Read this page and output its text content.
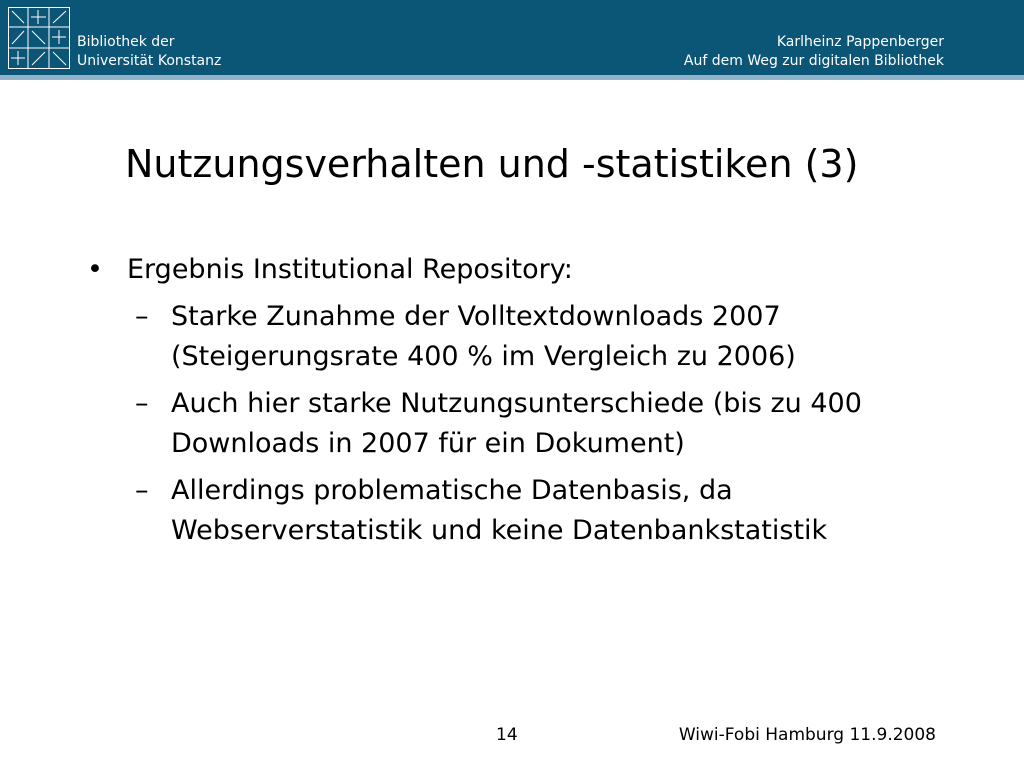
Bibliothek der
Universität Konstanz
Karlheinz Pappenberger
Auf dem Weg zur digitalen Bibliothek
Nutzungsverhalten und -statistiken (3)
• Ergebnis Institutional Repository:
– Starke Zunahme der Volltextdownloads 2007 (Steigerungsrate 400 % im Vergleich zu 2006)
– Auch hier starke Nutzungsunterschiede (bis zu 400 Downloads in 2007 für ein Dokument)
– Allerdings problematische Datenbasis, da Webserverstatistik und keine Datenbankstatistik
14	Wiwi-Fobi Hamburg 11.9.2008
